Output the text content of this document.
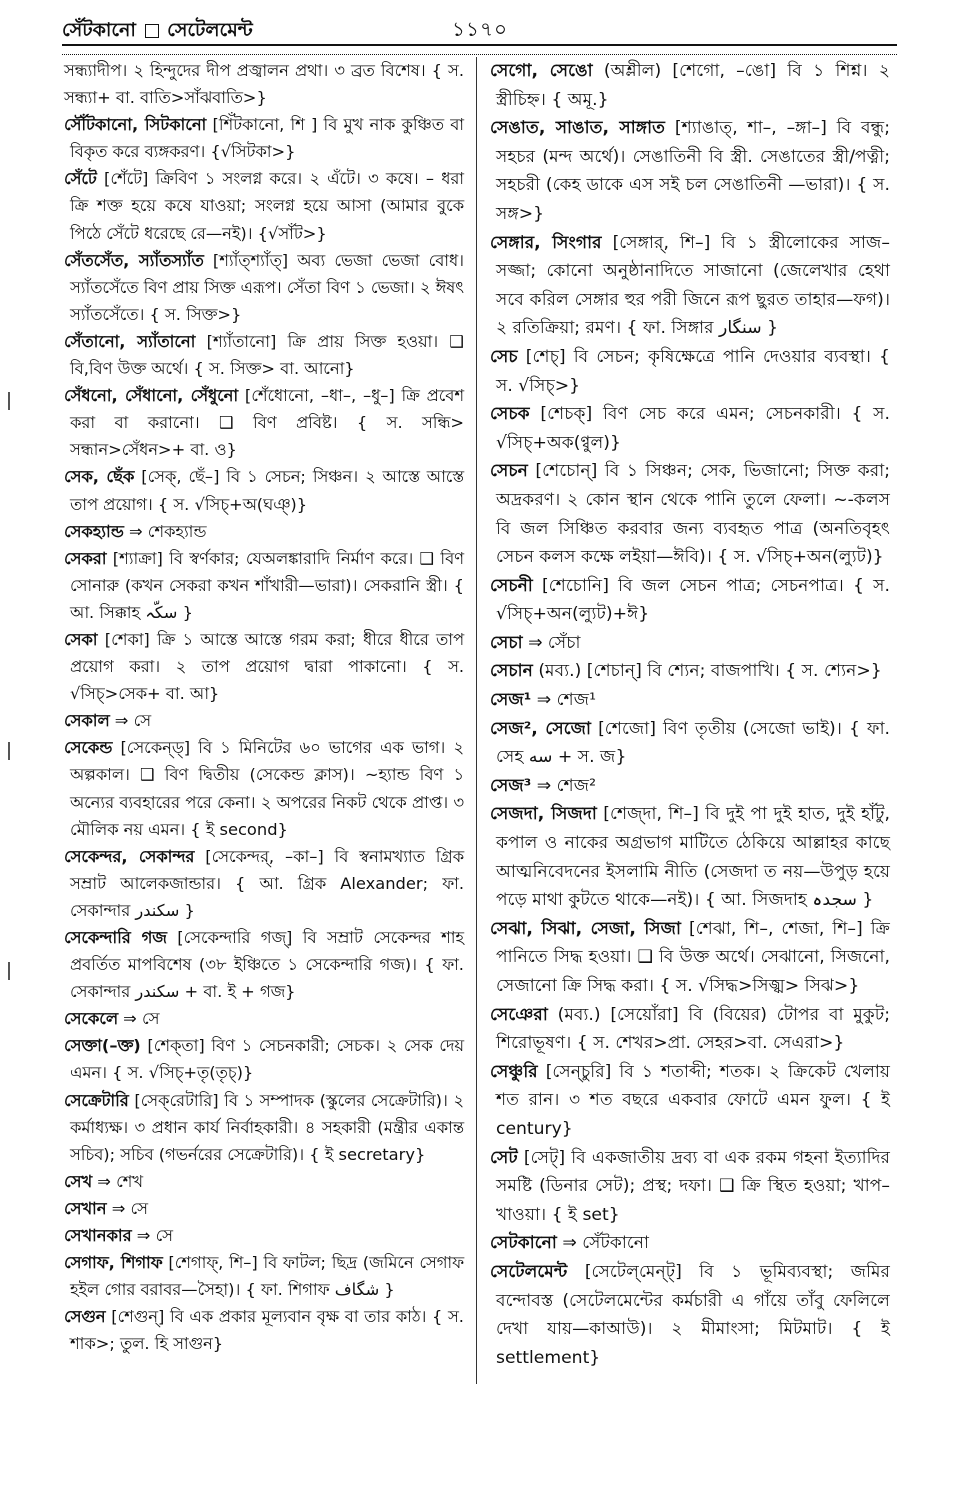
সেঁটকানো সেটেলমেন্ট	১১৭০

সন্ধ্যাদীপ। ২ হিন্দুদের দীপ প্রজ্বালন প্রথা। ৩ ব্রত বিশেষ। { স. সন্ধ্যা+ বা. বাতি>সাঁঝবাতি>}

সৌঁটকানো, সিটকানো [শিঁটকানো, শি ] বি মুখ নাক কুঞ্চিত বা বিকৃত করে ব্যঙ্গকরণ। {√সিটকা>}

সেঁটে [শেঁটে] ক্রিবিণ ১ সংলগ্ন করে। ২ এঁটে। ৩ কষে। – ধরা ক্রি শক্ত হয়ে কষে যাওয়া; সংলগ্ন হয়ে আসা (আমার বুকে পিঠে সেঁটে ধরেছে রে—নই)। {√সাঁট>}

সেঁতসেঁত, স্যাঁতস্যাঁত [শ্যাঁত্শ্যাঁত্] অব্য ভেজা ভেজা বোধ। স্যাঁতসেঁতে বিণ প্রায় সিক্ত এরূপ। সেঁতা বিণ ১ ভেজা। ২ ঈষৎ স্যাঁতসেঁতে। { স. সিক্ত>}

সেঁতানো, স্যাঁতানো [শ্যাঁতানো] ক্রি প্রায় সিক্ত হওয়া। ❑ বি,বিণ উক্ত অর্থে। { স. সিক্ত> বা. আনো}

সেঁধনো, সেঁধানো, সেঁধুনো [শেঁধোনো, –ধা–, –ধু–] ক্রি প্রবেশ করা বা করানো। ❑ বিণ প্রবিষ্ট। { স. সন্ধি> সন্ধান>সেঁধন>+ বা. ও}

সেক, ছেঁক [সেক্, ছেঁ–] বি ১ সেচন; সিঞ্চন। ২ আস্তে আস্তে তাপ প্রয়োগ। { স. √সিচ্+অ(ঘঞ্)}

সেকহ্যান্ড ⇒ শেকহ্যান্ড

সেকরা [শ্যাক্রা] বি স্বর্ণকার; যেঅলঙ্কারাদি নির্মাণ করে। ❑ বিণ সোনারু (কখন সেকরা কখন শাঁখারী—ভারা)। সেকরানি স্ত্রী। { আ. সিক্কাহ سکّہ }

সেকা [শেকা] ক্রি ১ আস্তে আস্তে গরম করা; ধীরে ধীরে তাপ প্রয়োগ করা। ২ তাপ প্রয়োগ দ্বারা পাকানো। { স. √সিচ্>সেক+ বা. আ}

সেকাল ⇒ সে

সেকেন্ড [সেকেন্‌ড্] বি ১ মিনিটের ৬০ ভাগের এক ভাগ। ২ অল্পকাল। ❑ বিণ দ্বিতীয় (সেকেন্ড ক্লাস)। ~হ্যান্ড বিণ ১ অন্যের ব্যবহারের পরে কেনা। ২ অপরের নিকট থেকে প্রাপ্ত। ৩ মৌলিক নয় এমন। { ই second}

সেকেন্দর, সেকান্দর [সেকেন্দর্, –কা–] বি স্বনামখ্যাত গ্রিক সম্রাট আলেকজান্ডার। { আ. গ্রিক Alexander; ফা. সেকান্দার سکندر }

সেকেন্দারি গজ [সেকেন্দারি গজ্] বি সম্রাট সেকেন্দর শাহ প্রবর্তিত মাপবিশেষ (৩৮ ইঞ্চিতে ১ সেকেন্দারি গজ)। { ফা. সেকান্দার سکندر + বা. ই + গজ}

সেকেলে ⇒ সে

সেক্তা(–ক্ত) [শেক্‌তা] বিণ ১ সেচনকারী; সেচক। ২ সেক দেয় এমন। { স. √সিচ্+তৃ(তৃচ্)}

সেক্রেটারি [সেক্‌রেটারি] বি ১ সম্পাদক (স্কুলের সেক্রেটারি)। ২ কর্মাধ্যক্ষ। ৩ প্রধান কার্য নির্বাহকারী। ৪ সহকারী (মন্ত্রীর একান্ত সচিব); সচিব (গভর্নরের সেক্রেটারি)। { ই secretary}

সেখ ⇒ শেখ

সেখান ⇒ সে

সেখানকার ⇒ সে

সেগাফ, শিগাফ [শেগাফ্, শি–] বি ফাটল; ছিদ্র (জমিনে সেগাফ হইল গোর বরাবর—সৈহা)। { ফা. শিগাফ شگاف }

সেগুন [শেগুন্] বি এক প্রকার মূল্যবান বৃক্ষ বা তার কাঠ। { স. শাক>; তুল. হি সাগুন}

সেগো, সেঙো (অশ্লীল) [শেগো, –ঙো] বি ১ শিশ্ন। ২ স্ত্রীচিহ্ন। { অমূ.}

সেঙাত, সাঙাত, সাঙ্গাত [শ্যাঙাত্, শা–, –ঙ্গা–] বি বন্ধু; সহচর (মন্দ অর্থে)। সেঙাতিনী বি স্ত্রী. সেঙাতের স্ত্রী/পত্নী; সহচরী (কেহ ডাকে এস সই চল সেঙাতিনী —ভারা)। { স. সঙ্গ>}

সেঙ্গার, সিংগার [সেঙ্গার্, শি–] বি ১ স্ত্রীলোকের সাজ–সজ্জা; কোনো অনুষ্ঠানাদিতে সাজানো (জেলেখার হেথা সবে করিল সেঙ্গার হুর পরী জিনে রূপ ছুরত তাহার—ফগ)। ২ রতিক্রিয়া; রমণ। { ফা. সিঙ্গার سنگار }

সেচ [শেচ্] বি সেচন; কৃষিক্ষেত্রে পানি দেওয়ার ব্যবস্থা। { স. √সিচ্>}

সেচক [শেচক্] বিণ সেচ করে এমন; সেচনকারী। { স. √সিচ্+অক(ণ্বুল)}

সেচন [শেচোন্] বি ১ সিঞ্চন; সেক, ভিজানো; সিক্ত করা; অদ্রকরণ। ২ কোন স্থান থেকে পানি তুলে ফেলা। ~-কলস বি জল সিঞ্চিত করবার জন্য ব্যবহৃত পাত্র (অনতিবৃহৎ সেচন কলস কক্ষে লইয়া—ঈবি)। { স. √সিচ্+অন(ল্যুট)}

সেচনী [শেচোনি] বি জল সেচন পাত্র; সেচনপাত্র। { স. √সিচ্+অন(ল্যুট)+ঈ}

সেচা ⇒ সেঁচা

সেচান (মব্য.) [শেচান্] বি শ্যেন; বাজপাখি। { স. শ্যেন>}

সেজ¹ ⇒ শেজ¹

সেজ², সেজো [শেজো] বিণ তৃতীয় (সেজো ভাই)। { ফা. সেহ سه + স. জ}

সেজ³ ⇒ শেজ²

সেজদা, সিজদা [শেজ্দা, শি–] বি দুই পা দুই হাত, দুই হাঁটু, কপাল ও নাকের অগ্রভাগ মাটিতে ঠেকিয়ে আল্লাহর কাছে আত্মনিবেদনের ইসলামি নীতি (সেজদা ত নয়—উপুড় হয়ে পড়ে মাথা কুটতে থাকে—নই)। { আ. সিজদাহ سجدہ }

সেঝা, সিঝা, সেজা, সিজা [শেঝা, শি–, শেজা, শি–] ক্রি পানিতে সিদ্ধ হওয়া। ❑ বি উক্ত অর্থে। সেঝানো, সিজনো, সেজানো ক্রি সিদ্ধ করা। { স. √সিদ্ধ>সিজ্ঝ> সিঝ>}

সেঞেরা (মব্য.) [সেয়োঁরা] বি (বিয়ের) টোপর বা মুকুট; শিরোভূষণ। { স. শেখর>প্রা. সেহর>বা. সেএরা>}

সেঞ্চুরি [সেন্‌চুরি] বি ১ শতাব্দী; শতক। ২ ক্রিকেট খেলায় শত রান। ৩ শত বছরে একবার ফোটে এমন ফুল। { ই century}

সেট [সেট্] বি একজাতীয় দ্রব্য বা এক রকম গহনা ইত্যাদির সমষ্টি (ডিনার সেট); প্রস্থ; দফা। ❑ ক্রি স্থিত হওয়া; খাপ–খাওয়া। { ই set}

সেটকানো ⇒ সেঁটকানো

সেটেলমেন্ট [সেটেল্‌মেন্‌ট্] বি ১ ভূমিব্যবস্থা; জমির বন্দোবস্ত (সেটেলমেন্টের কর্মচারী এ গাঁয়ে তাঁবু ফেলিলে দেখা যায়—কাআউ)। ২ মীমাংসা; মিটমাট। { ই settlement}
